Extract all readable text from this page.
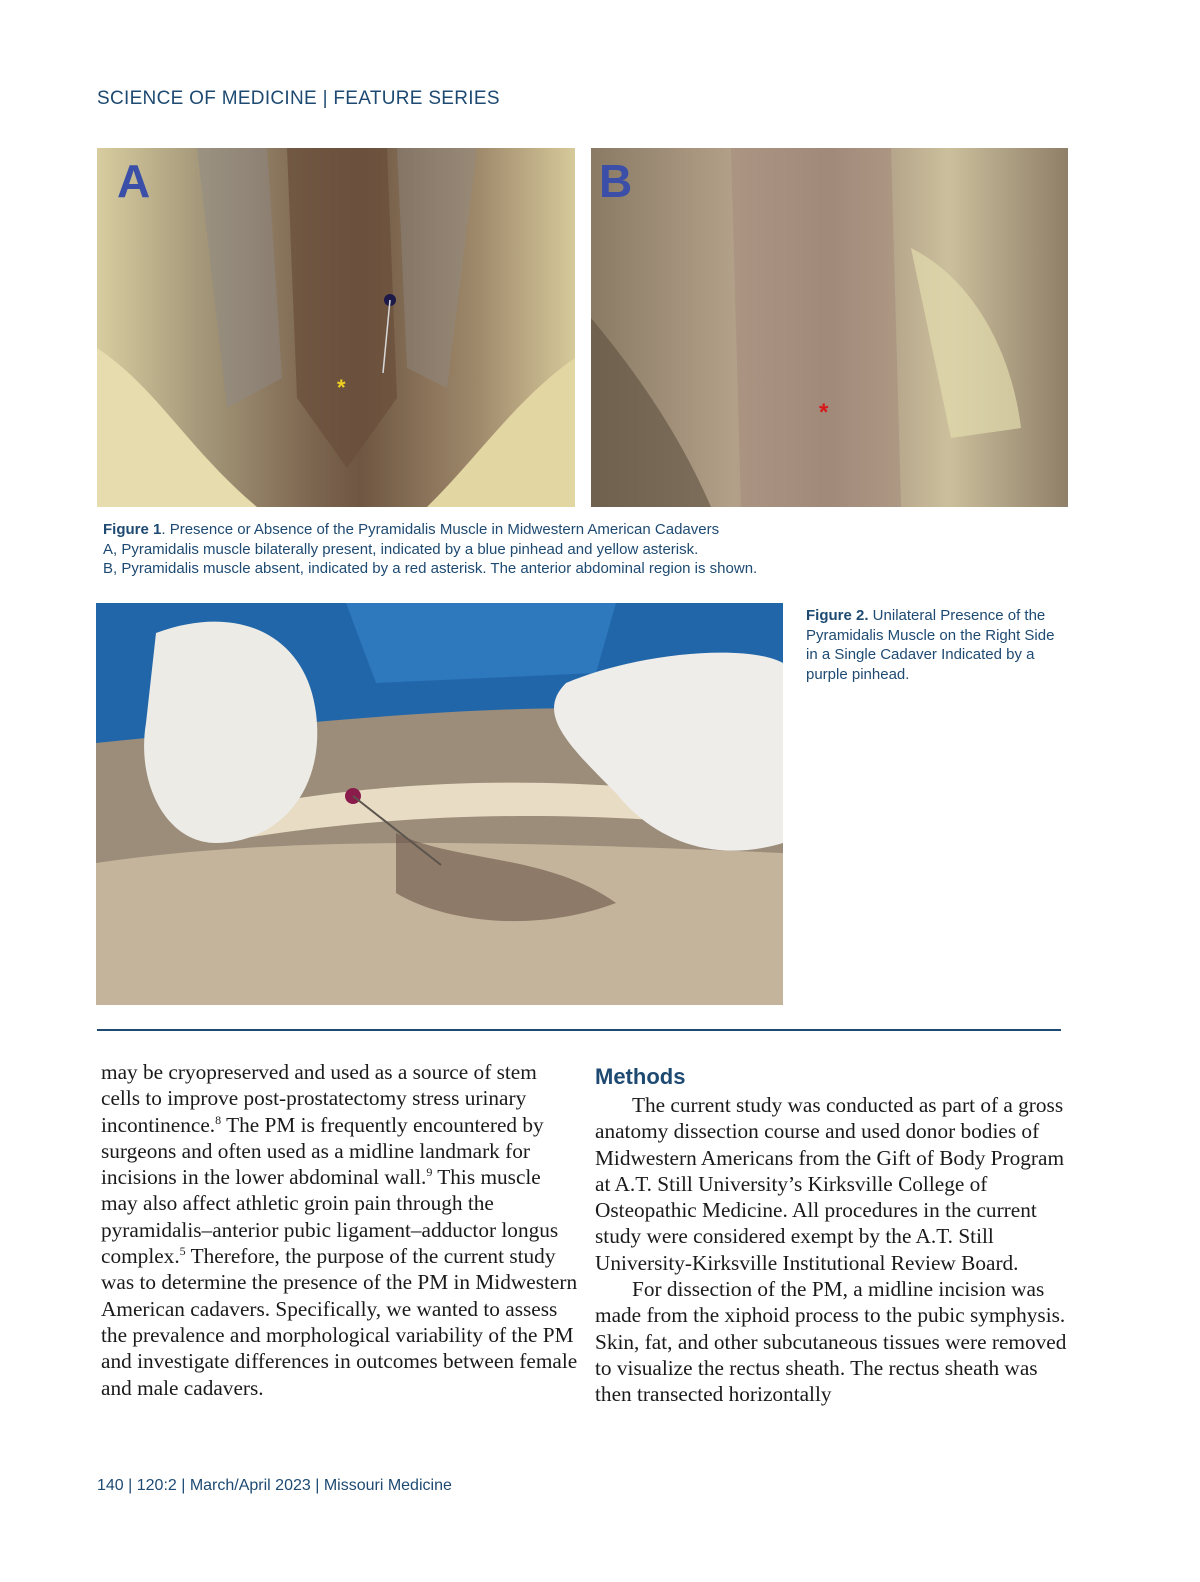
SCIENCE OF MEDICINE | FEATURE SERIES
*
A
*
B
Figure 1. Presence or Absence of the Pyramidalis Muscle in Midwestern American Cadavers
A, Pyramidalis muscle bilaterally present, indicated by a blue pinhead and yellow asterisk.
B, Pyramidalis muscle absent, indicated by a red asterisk. The anterior abdominal region is shown.
Figure 2. Unilateral Presence of the Pyramidalis Muscle on the Right Side in a Single Cadaver Indicated by a purple pinhead.

may be cryopreserved and used as a source of stem cells to improve post-prostatectomy stress urinary incontinence.$^8$ The PM is frequently encountered by surgeons and often used as a midline landmark for incisions in the lower abdominal wall.$^9$ This muscle may also affect athletic groin pain through the pyramidalis–anterior pubic ligament–adductor longus complex.$^5$ Therefore, the purpose of the current study was to determine the presence of the PM in Midwestern American cadavers. Specifically, we wanted to assess the prevalence and morphological variability of the PM and investigate differences in outcomes between female and male cadavers.

Methods

The current study was conducted as part of a gross anatomy dissection course and used donor bodies of Midwestern Americans from the Gift of Body Program at A.T. Still University’s Kirksville College of Osteopathic Medicine. All procedures in the current study were considered exempt by the A.T. Still University-Kirksville Institutional Review Board.

For dissection of the PM, a midline incision was made from the xiphoid process to the pubic symphysis. Skin, fat, and other subcutaneous tissues were removed to visualize the rectus sheath. The rectus sheath was then transected horizontally

140 | 120:2 | March/April 2023 | Missouri Medicine
